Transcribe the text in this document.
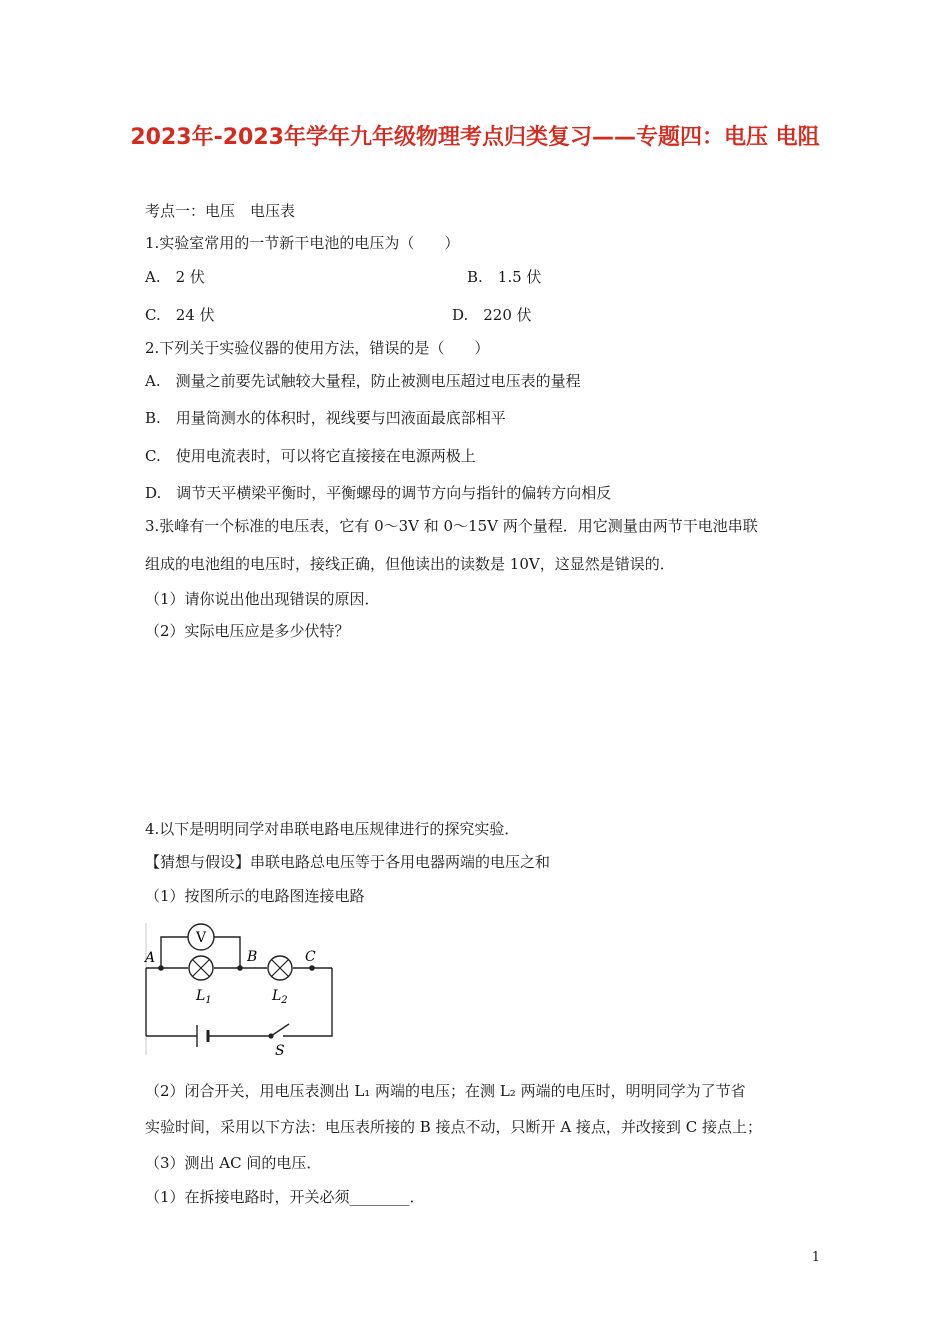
2023年-2023年学年九年级物理考点归类复习——专题四：电压 电阻
考点一：电压　电压表
1.实验室常用的一节新干电池的电压为（　　）
A.　2 伏	B.　1.5 伏
C.　24 伏	D.　220 伏
2.下列关于实验仪器的使用方法，错误的是（　　）
A.　测量之前要先试触较大量程，防止被测电压超过电压表的量程
B.　用量筒测水的体积时，视线要与凹液面最底部相平
C.　使用电流表时，可以将它直接接在电源两极上
D.　调节天平横梁平衡时，平衡螺母的调节方向与指针的偏转方向相反
3.张峰有一个标准的电压表，它有 0～3V 和 0～15V 两个量程．用它测量由两节干电池串联
组成的电池组的电压时，接线正确，但他读出的读数是 10V，这显然是错误的．
（1）请你说出他出现错误的原因．
（2）实际电压应是多少伏特？
4.以下是明明同学对串联电路电压规律进行的探究实验．
【猜想与假设】串联电路总电压等于各用电器两端的电压之和
（1）按图所示的电路图连接电路
V
A	B	C
$L_1$	$L_2$
S
（2）闭合开关，用电压表测出 L₁ 两端的电压；在测 L₂ 两端的电压时，明明同学为了节省
实验时间，采用以下方法：电压表所接的 B 接点不动，只断开 A 接点，并改接到 C 接点上；
（3）测出 AC 间的电压．
（1）在拆接电路时，开关必须________．
1
